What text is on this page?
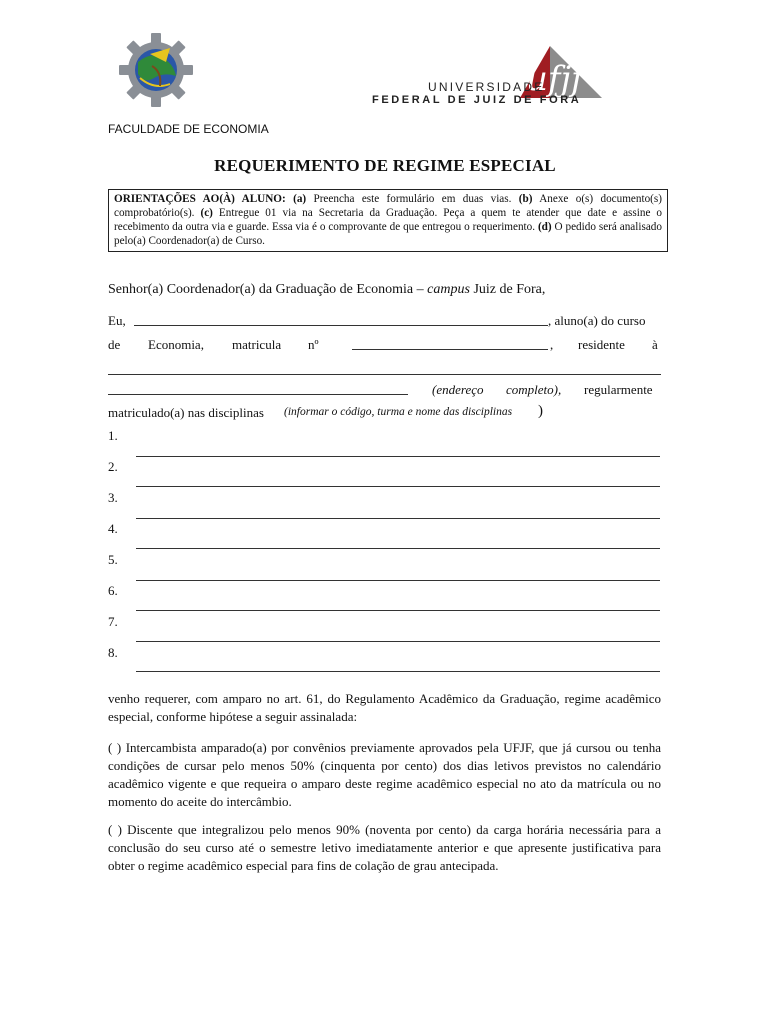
ufjf
UNIVERSIDADE
FEDERAL DE JUIZ DE FORA
FACULDADE DE ECONOMIA
REQUERIMENTO DE REGIME ESPECIAL
ORIENTAÇÕES AO(À) ALUNO: (a) Preencha este formulário em duas vias. (b) Anexe o(s) documento(s) comprobatório(s). (c) Entregue 01 via na Secretaria da Graduação. Peça a quem te atender que date e assine o recebimento da outra via e guarde. Essa via é o comprovante de que entregou o requerimento. (d) O pedido será analisado pelo(a) Coordenador(a) de Curso.
Senhor(a) Coordenador(a) da Graduação de Economia – campus Juiz de Fora,
Eu,	, aluno(a) do curso
de Economia, matricula nº	, residente à
(endereço completo), regularmente
matriculado(a) nas disciplinas (informar o código, turma e nome das disciplinas )
1.
2.
3.
4.
5.
6.
7.
8.
venho requerer, com amparo no art. 61, do Regulamento Acadêmico da Graduação, regime acadêmico especial, conforme hipótese a seguir assinalada:
( ) Intercambista amparado(a) por convênios previamente aprovados pela UFJF, que já cursou ou tenha condições de cursar pelo menos 50% (cinquenta por cento) dos dias letivos previstos no calendário acadêmico vigente e que requeira o amparo deste regime acadêmico especial no ato da matrícula ou no momento do aceite do intercâmbio.
( ) Discente que integralizou pelo menos 90% (noventa por cento) da carga horária necessária para a conclusão do seu curso até o semestre letivo imediatamente anterior e que apresente justificativa para obter o regime acadêmico especial para fins de colação de grau antecipada.
